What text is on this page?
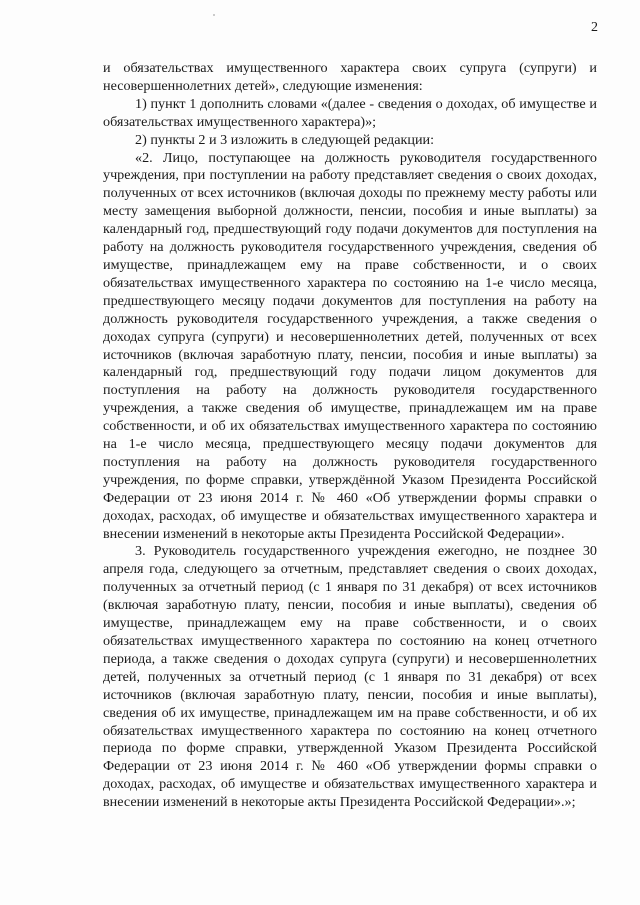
2

и обязательствах имущественного характера своих супруга (супруги) и несовершеннолетних детей», следующие изменения:

1) пункт 1 дополнить словами «(далее - сведения о доходах, об имуществе и обязательствах имущественного характера)»;

2) пункты 2 и 3 изложить в следующей редакции:

«2. Лицо, поступающее на должность руководителя государственного учреждения, при поступлении на работу представляет сведения о своих доходах, полученных от всех источников (включая доходы по прежнему месту работы или месту замещения выборной должности, пенсии, пособия и иные выплаты) за календарный год, предшествующий году подачи документов для поступления на работу на должность руководителя государственного учреждения, сведения об имуществе, принадлежащем ему на праве собственности, и о своих обязательствах имущественного характера по состоянию на 1-е число месяца, предшествующего месяцу подачи документов для поступления на работу на должность руководителя государственного учреждения, а также сведения о доходах супруга (супруги) и несовершеннолетних детей, полученных от всех источников (включая заработную плату, пенсии, пособия и иные выплаты) за календарный год, предшествующий году подачи лицом документов для поступления на работу на должность руководителя государственного учреждения, а также сведения об имуществе, принадлежащем им на праве собственности, и об их обязательствах имущественного характера по состоянию на 1-е число месяца, предшествующего месяцу подачи документов для поступления на работу на должность руководителя государственного учреждения, по форме справки, утверждённой Указом Президента Российской Федерации от 23 июня 2014 г. № 460 «Об утверждении формы справки о доходах, расходах, об имуществе и обязательствах имущественного характера и внесении изменений в некоторые акты Президента Российской Федерации».

3. Руководитель государственного учреждения ежегодно, не позднее 30 апреля года, следующего за отчетным, представляет сведения о своих доходах, полученных за отчетный период (с 1 января по 31 декабря) от всех источников (включая заработную плату, пенсии, пособия и иные выплаты), сведения об имуществе, принадлежащем ему на праве собственности, и о своих обязательствах имущественного характера по состоянию на конец отчетного периода, а также сведения о доходах супруга (супруги) и несовершеннолетних детей, полученных за отчетный период (с 1 января по 31 декабря) от всех источников (включая заработную плату, пенсии, пособия и иные выплаты), сведения об их имуществе, принадлежащем им на праве собственности, и об их обязательствах имущественного характера по состоянию на конец отчетного периода по форме справки, утвержденной Указом Президента Российской Федерации от 23 июня 2014 г. № 460 «Об утверждении формы справки о доходах, расходах, об имуществе и обязательствах имущественного характера и внесении изменений в некоторые акты Президента Российской Федерации».»;
